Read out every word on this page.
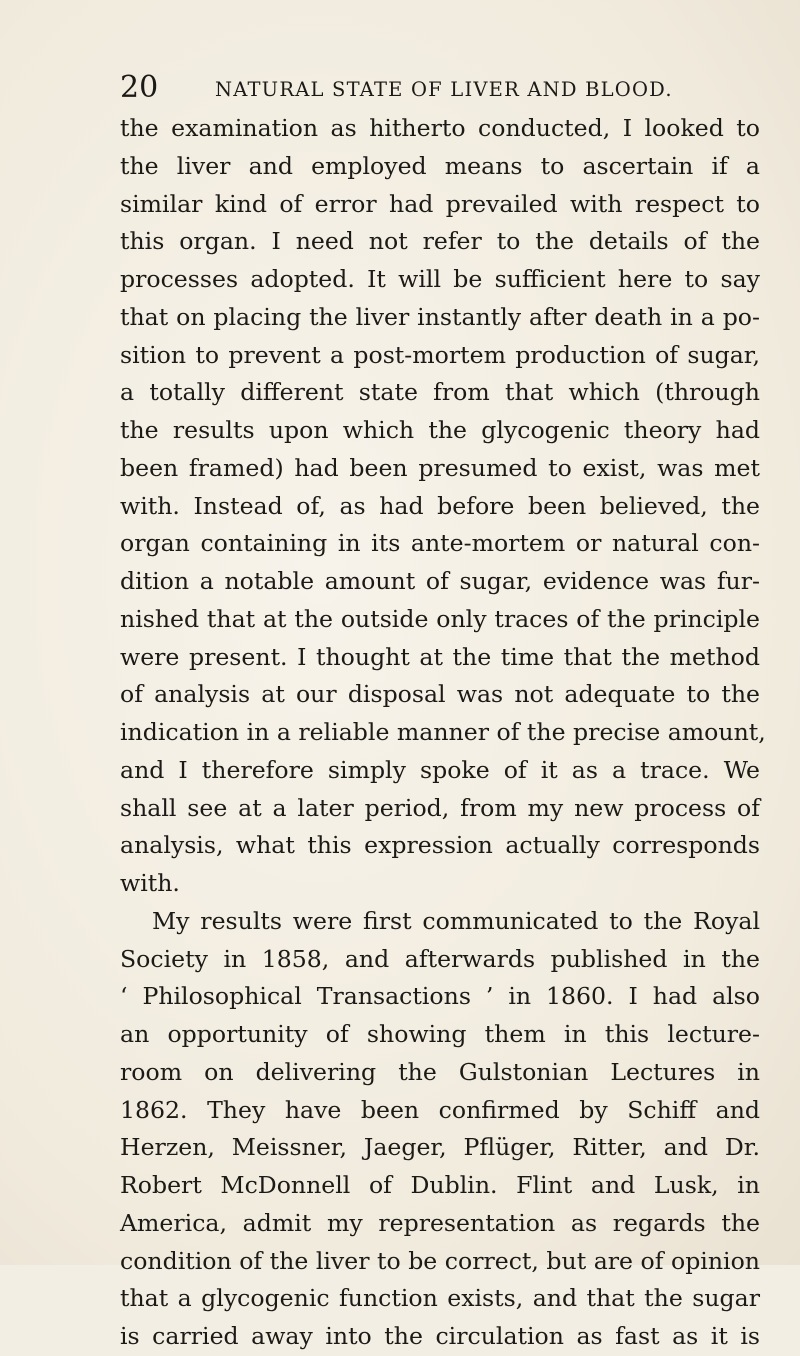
20	NATURAL STATE OF LIVER AND BLOOD.
the examination as hitherto conducted, I looked to
the liver and employed means to ascertain if a
similar kind of error had prevailed with respect to
this organ. I need not refer to the details of the
processes adopted. It will be sufficient here to say
that on placing the liver instantly after death in a po-
sition to prevent a post-mortem production of sugar,
a totally different state from that which (through
the results upon which the glycogenic theory had
been framed) had been presumed to exist, was met
with. Instead of, as had before been believed, the
organ containing in its ante-mortem or natural con-
dition a notable amount of sugar, evidence was fur-
nished that at the outside only traces of the principle
were present. I thought at the time that the method
of analysis at our disposal was not adequate to the
indication in a reliable manner of the precise amount,
and I therefore simply spoke of it as a trace. We
shall see at a later period, from my new process of
analysis, what this expression actually corresponds
with.
My results were first communicated to the Royal
Society in 1858, and afterwards published in the
‘ Philosophical Transactions ’ in 1860. I had also
an opportunity of showing them in this lecture-
room on delivering the Gulstonian Lectures in
1862. They have been confirmed by Schiff and
Herzen, Meissner, Jaeger, Pflüger, Ritter, and Dr.
Robert McDonnell of Dublin. Flint and Lusk, in
America, admit my representation as regards the
condition of the liver to be correct, but are of opinion
that a glycogenic function exists, and that the sugar
is carried away into the circulation as fast as it is
